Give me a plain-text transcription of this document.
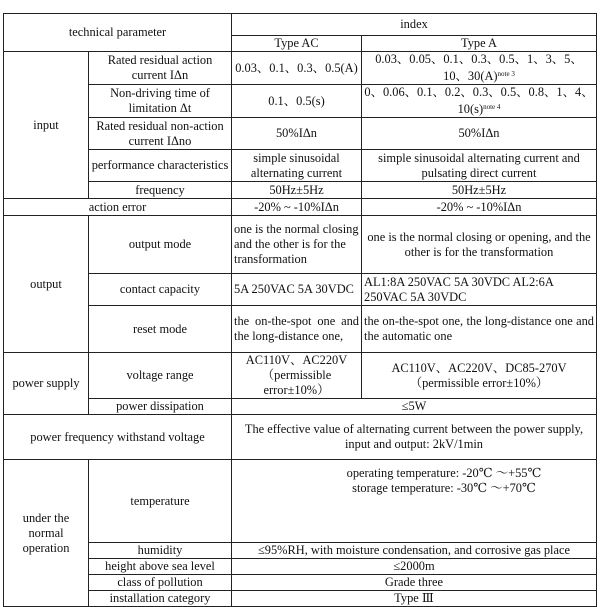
technical parameter		index	
		Type AC	Type A
input	Rated residual action current IΔn	0.03、0.1、0.3、0.5(A)	0.03、0.05、0.1、0.3、0.5、1、3、5、10、$30(A)^{note 3}$
	Non-driving time of limitation Δt	0.1、0.5(s)	0、0.06、0.1、0.2、0.3、0.5、0.8、1、4、$10(s)^{note 4}$
	Rated residual non-action current IΔno	50%IΔn	50%IΔn
	performance characteristics	simple sinusoidal alternating current	simple sinusoidal alternating current and pulsating direct current
	frequency	50Hz±5Hz	50Hz±5Hz
action error		-20% ~ -10%IΔn	-20% ~ -10%IΔn
output	output mode	one is the normal closing and the other is for the transformation	one is the normal closing or opening, and the other is for the transformation
	contact capacity	5A 250VAC 5A 30VDC	AL1:8A 250VAC 5A 30VDC AL2:6A 250VAC 5A 30VDC
	reset mode	the on-the-spot one and the long-distance one,	the on-the-spot one, the long-distance one and the automatic one
power supply	voltage range	AC110V、AC220V（permissible error±10%）	AC110V、AC220V、DC85-270V（permissible error±10%）
	power dissipation	≤5W	
power frequency withstand voltage		The effective value of alternating current between the power supply, input and output: 2kV/1min	
under the normal operation	temperature	operating temperature: -20℃ ～+55℃
storage temperature: -30℃ ～+70℃	

	humidity	≤95%RH, with moisture condensation, and corrosive gas place	
	height above sea level	≤2000m	
	class of pollution	Grade three	
	installation category	Type Ⅲ	
